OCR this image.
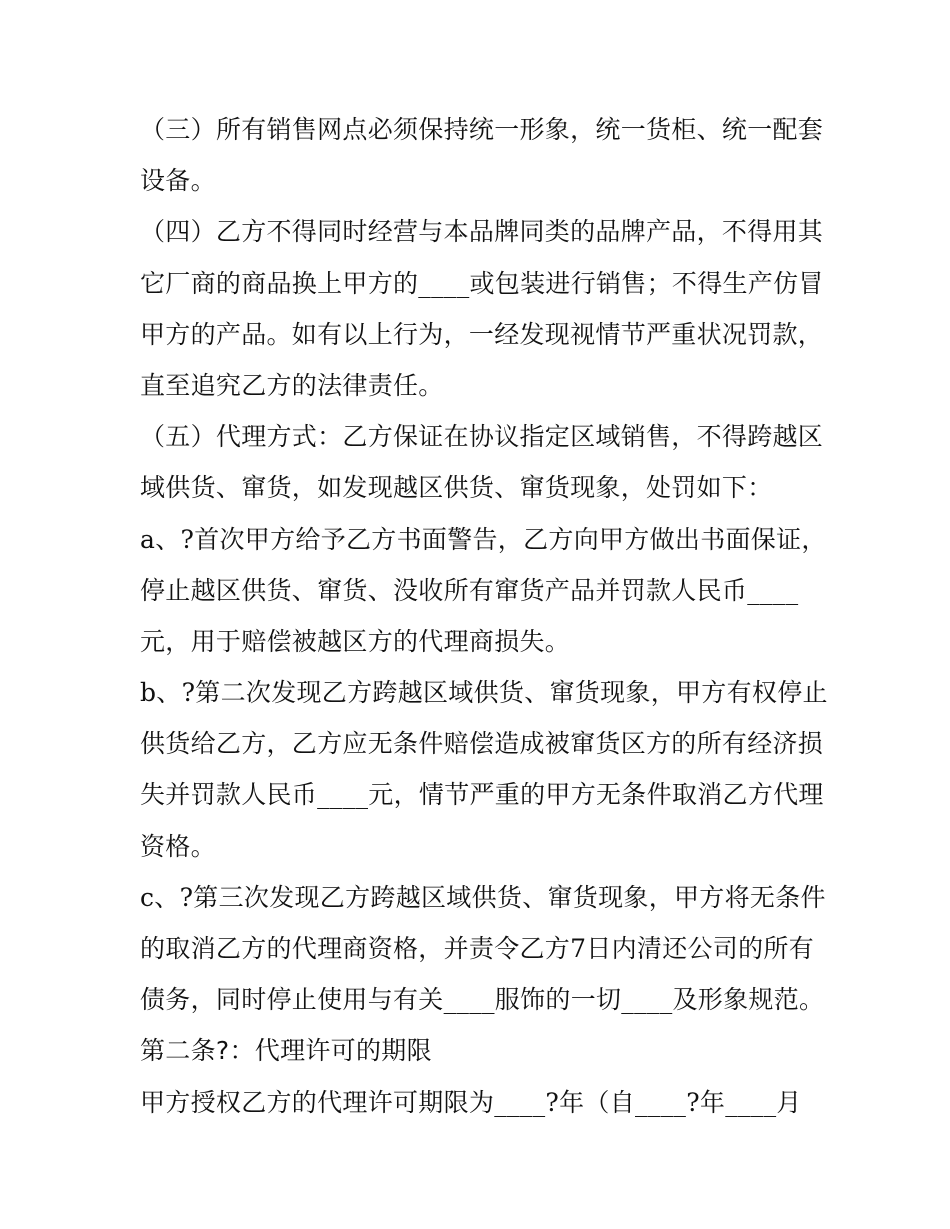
（三）所有销售网点必须保持统一形象，统一货柜、统一配套
设备。
（四）乙方不得同时经营与本品牌同类的品牌产品，不得用其
它厂商的商品换上甲方的____或包装进行销售；不得生产仿冒
甲方的产品。如有以上行为，一经发现视情节严重状况罚款，
直至追究乙方的法律责任。
（五）代理方式：乙方保证在协议指定区域销售，不得跨越区
域供货、窜货，如发现越区供货、窜货现象，处罚如下：
a、?首次甲方给予乙方书面警告，乙方向甲方做出书面保证，
停止越区供货、窜货、没收所有窜货产品并罚款人民币____
元，用于赔偿被越区方的代理商损失。
b、?第二次发现乙方跨越区域供货、窜货现象，甲方有权停止
供货给乙方，乙方应无条件赔偿造成被窜货区方的所有经济损
失并罚款人民币____元，情节严重的甲方无条件取消乙方代理
资格。
c、?第三次发现乙方跨越区域供货、窜货现象，甲方将无条件
的取消乙方的代理商资格，并责令乙方7日内清还公司的所有
债务，同时停止使用与有关____服饰的一切____及形象规范。
第二条?：代理许可的期限
甲方授权乙方的代理许可期限为____?年（自____?年____月
